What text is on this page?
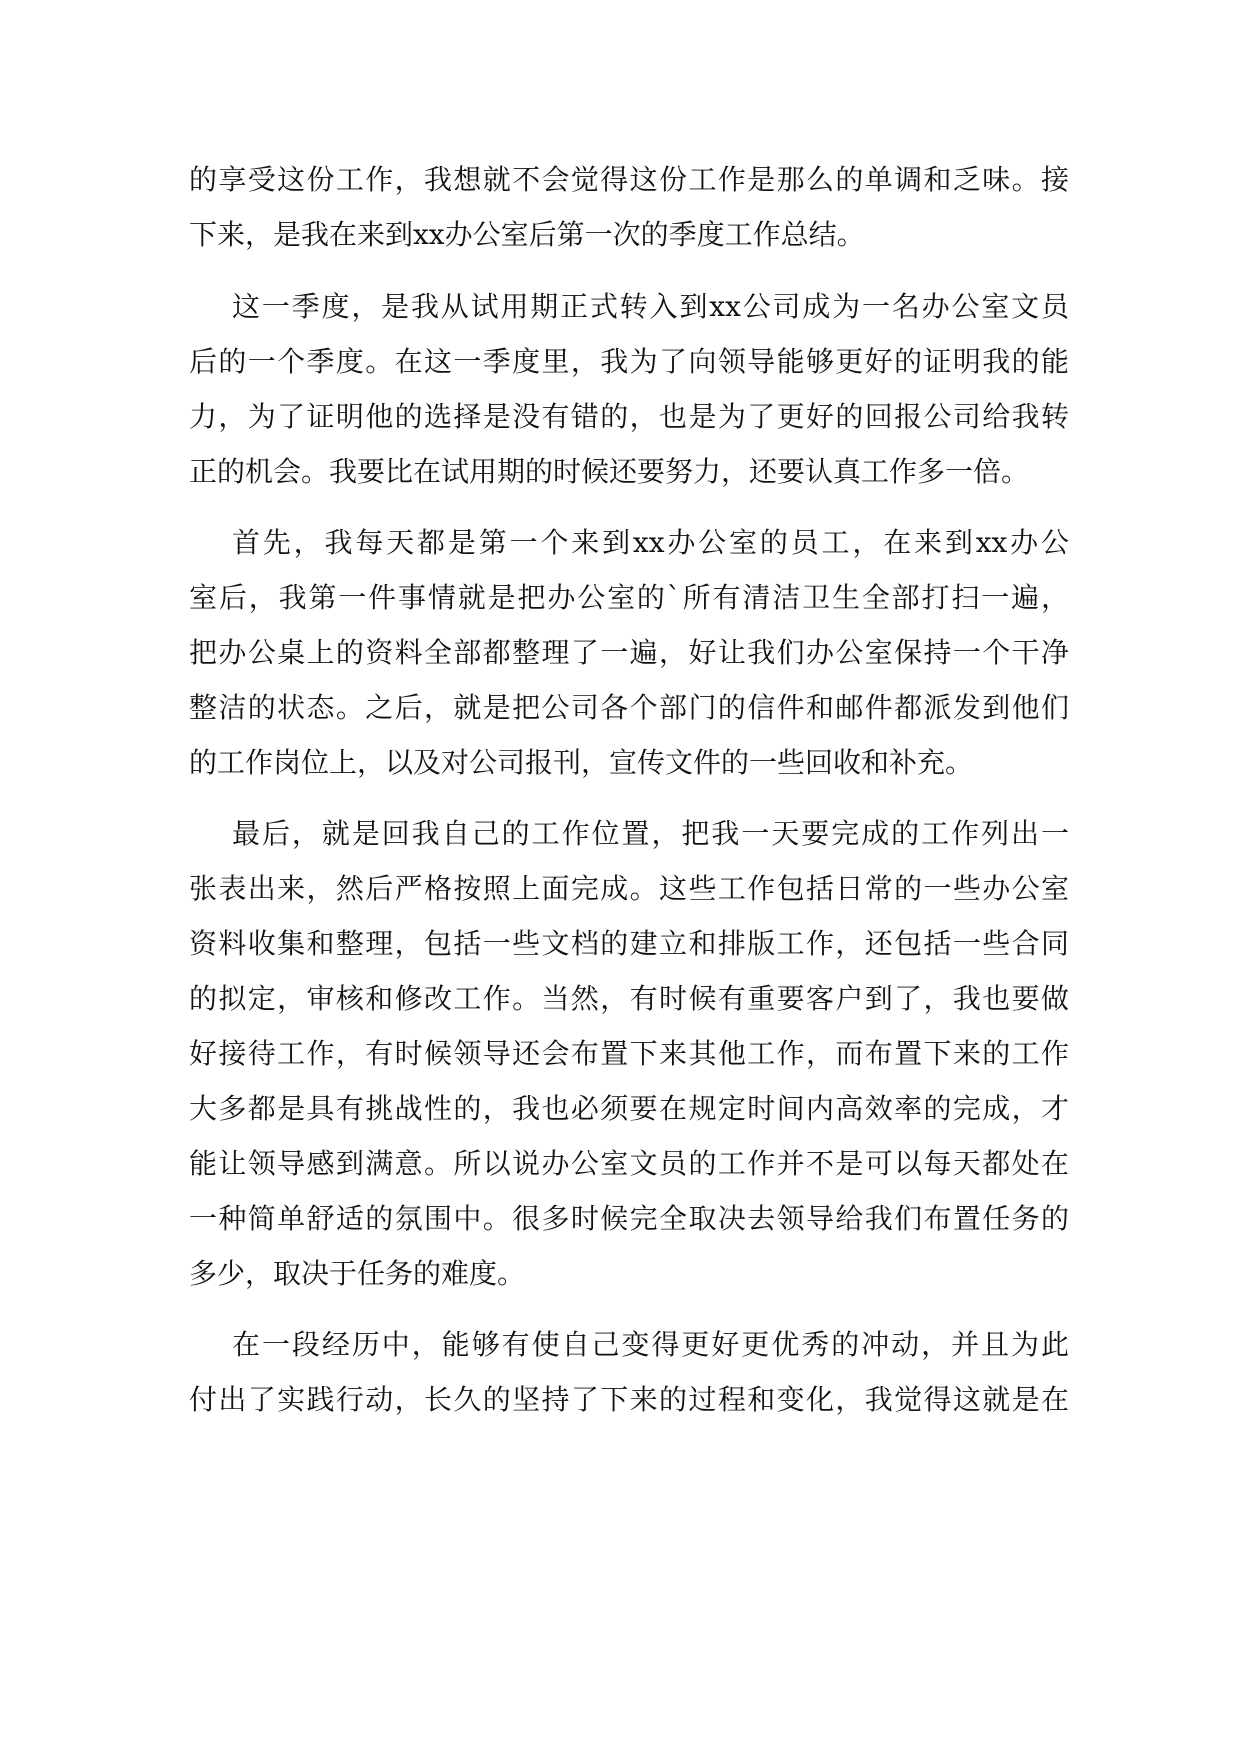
的享受这份工作，我想就不会觉得这份工作是那么的单调和乏味。接
下来，是我在来到xx办公室后第一次的季度工作总结。
这一季度，是我从试用期正式转入到xx公司成为一名办公室文员
后的一个季度。在这一季度里，我为了向领导能够更好的证明我的能
力，为了证明他的选择是没有错的，也是为了更好的回报公司给我转
正的机会。我要比在试用期的时候还要努力，还要认真工作多一倍。
首先，我每天都是第一个来到xx办公室的员工，在来到xx办公
室后，我第一件事情就是把办公室的`所有清洁卫生全部打扫一遍，
把办公桌上的资料全部都整理了一遍，好让我们办公室保持一个干净
整洁的状态。之后，就是把公司各个部门的信件和邮件都派发到他们
的工作岗位上，以及对公司报刊，宣传文件的一些回收和补充。
最后，就是回我自己的工作位置，把我一天要完成的工作列出一
张表出来，然后严格按照上面完成。这些工作包括日常的一些办公室
资料收集和整理，包括一些文档的建立和排版工作，还包括一些合同
的拟定，审核和修改工作。当然，有时候有重要客户到了，我也要做
好接待工作，有时候领导还会布置下来其他工作，而布置下来的工作
大多都是具有挑战性的，我也必须要在规定时间内高效率的完成，才
能让领导感到满意。所以说办公室文员的工作并不是可以每天都处在
一种简单舒适的氛围中。很多时候完全取决去领导给我们布置任务的
多少，取决于任务的难度。
在一段经历中，能够有使自己变得更好更优秀的冲动，并且为此
付出了实践行动，长久的坚持了下来的过程和变化，我觉得这就是在
